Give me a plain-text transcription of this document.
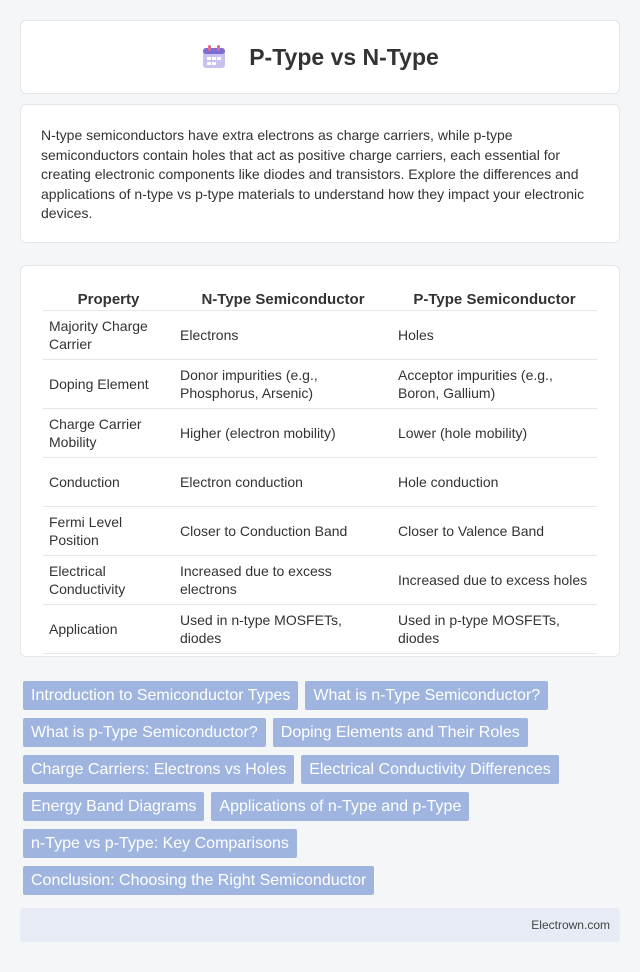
P-Type vs N-Type

N-type semiconductors have extra electrons as charge carriers, while p-type semiconductors contain holes that act as positive charge carriers, each essential for creating electronic components like diodes and transistors. Explore the differences and applications of n-type vs p-type materials to understand how they impact your electronic devices.

Property	N-Type Semiconductor	P-Type Semiconductor
Majority Charge Carrier	Electrons	Holes
Doping Element	Donor impurities (e.g., Phosphorus, Arsenic)	Acceptor impurities (e.g., Boron, Gallium)
Charge Carrier Mobility	Higher (electron mobility)	Lower (hole mobility)
Conduction	Electron conduction	Hole conduction
Fermi Level Position	Closer to Conduction Band	Closer to Valence Band
Electrical Conductivity	Increased due to excess electrons	Increased due to excess holes
Application	Used in n-type MOSFETs, diodes	Used in p-type MOSFETs, diodes
Introduction to Semiconductor Types	What is n-Type Semiconductor?
What is p-Type Semiconductor?	Doping Elements and Their Roles
Charge Carriers: Electrons vs Holes	Electrical Conductivity Differences
Energy Band Diagrams	Applications of n-Type and p-Type
n-Type vs p-Type: Key Comparisons
Conclusion: Choosing the Right Semiconductor
Electrown.com
